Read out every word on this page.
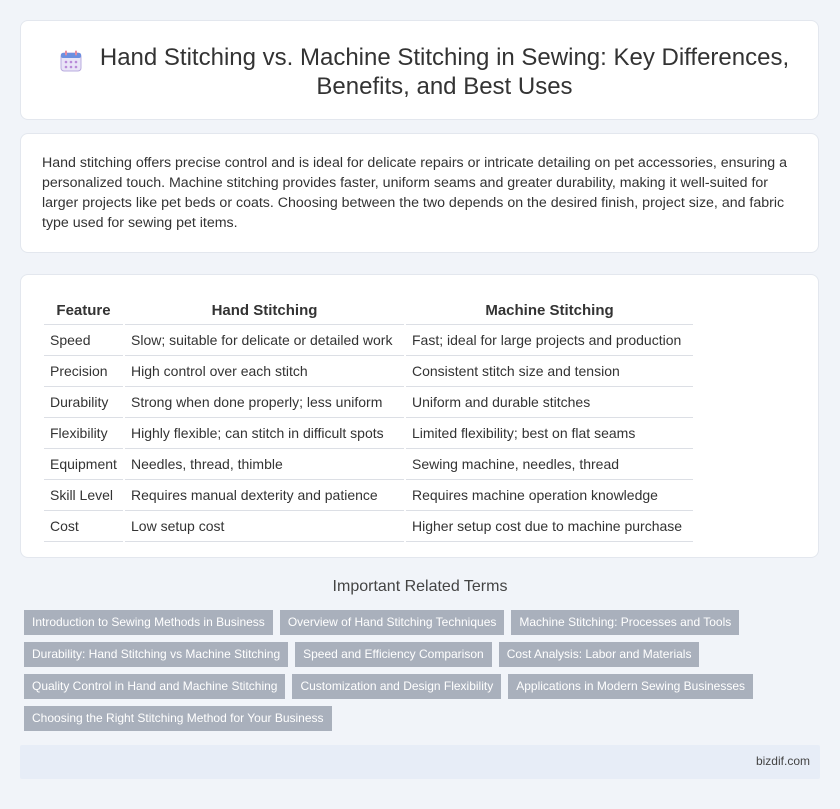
Hand Stitching vs. Machine Stitching in Sewing: Key Differences, Benefits, and Best Uses

Hand stitching offers precise control and is ideal for delicate repairs or intricate detailing on pet accessories, ensuring a personalized touch. Machine stitching provides faster, uniform seams and greater durability, making it well-suited for larger projects like pet beds or coats. Choosing between the two depends on the desired finish, project size, and fabric type used for sewing pet items.

Feature	Hand Stitching	Machine Stitching
Speed	Slow; suitable for delicate or detailed work	Fast; ideal for large projects and production
Precision	High control over each stitch	Consistent stitch size and tension
Durability	Strong when done properly; less uniform	Uniform and durable stitches
Flexibility	Highly flexible; can stitch in difficult spots	Limited flexibility; best on flat seams
Equipment	Needles, thread, thimble	Sewing machine, needles, thread
Skill Level	Requires manual dexterity and patience	Requires machine operation knowledge
Cost	Low setup cost	Higher setup cost due to machine purchase
Important Related Terms
Introduction to Sewing Methods in Business	Overview of Hand Stitching Techniques	Machine Stitching: Processes and Tools
Durability: Hand Stitching vs Machine Stitching	Speed and Efficiency Comparison	Cost Analysis: Labor and Materials
Quality Control in Hand and Machine Stitching	Customization and Design Flexibility	Applications in Modern Sewing Businesses
Choosing the Right Stitching Method for Your Business
bizdif.com
